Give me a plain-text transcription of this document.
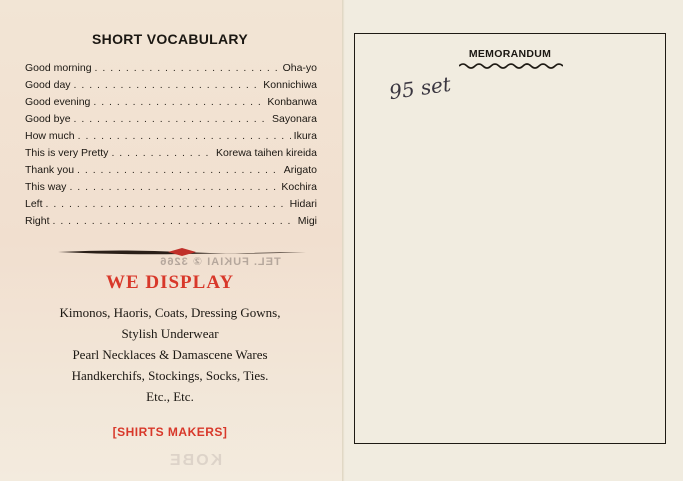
SHORT VOCABULARY
Good morning . . .	Oha-yo
Good day . . .	Konnichiwa
Good evening . . .	Konbanwa
Good bye . . .	Sayonara
How much . . .	Ikura
This is very Pretty . . .	Korewa taihen kireida
Thank you . . .	Arigato
This way . . .	Kochira
Left . . .	Hidari
Right . . .	Migi
TEL. FUKIAI ② 3266
WE DISPLAY
Kimonos, Haoris, Coats, Dressing Gowns,
Stylish Underwear
Pearl Necklaces & Damascene Wares
Handkerchifs, Stockings, Socks, Ties.
Etc., Etc.
[SHIRTS MAKERS]
KOBE
MEMORANDUM
95 set
